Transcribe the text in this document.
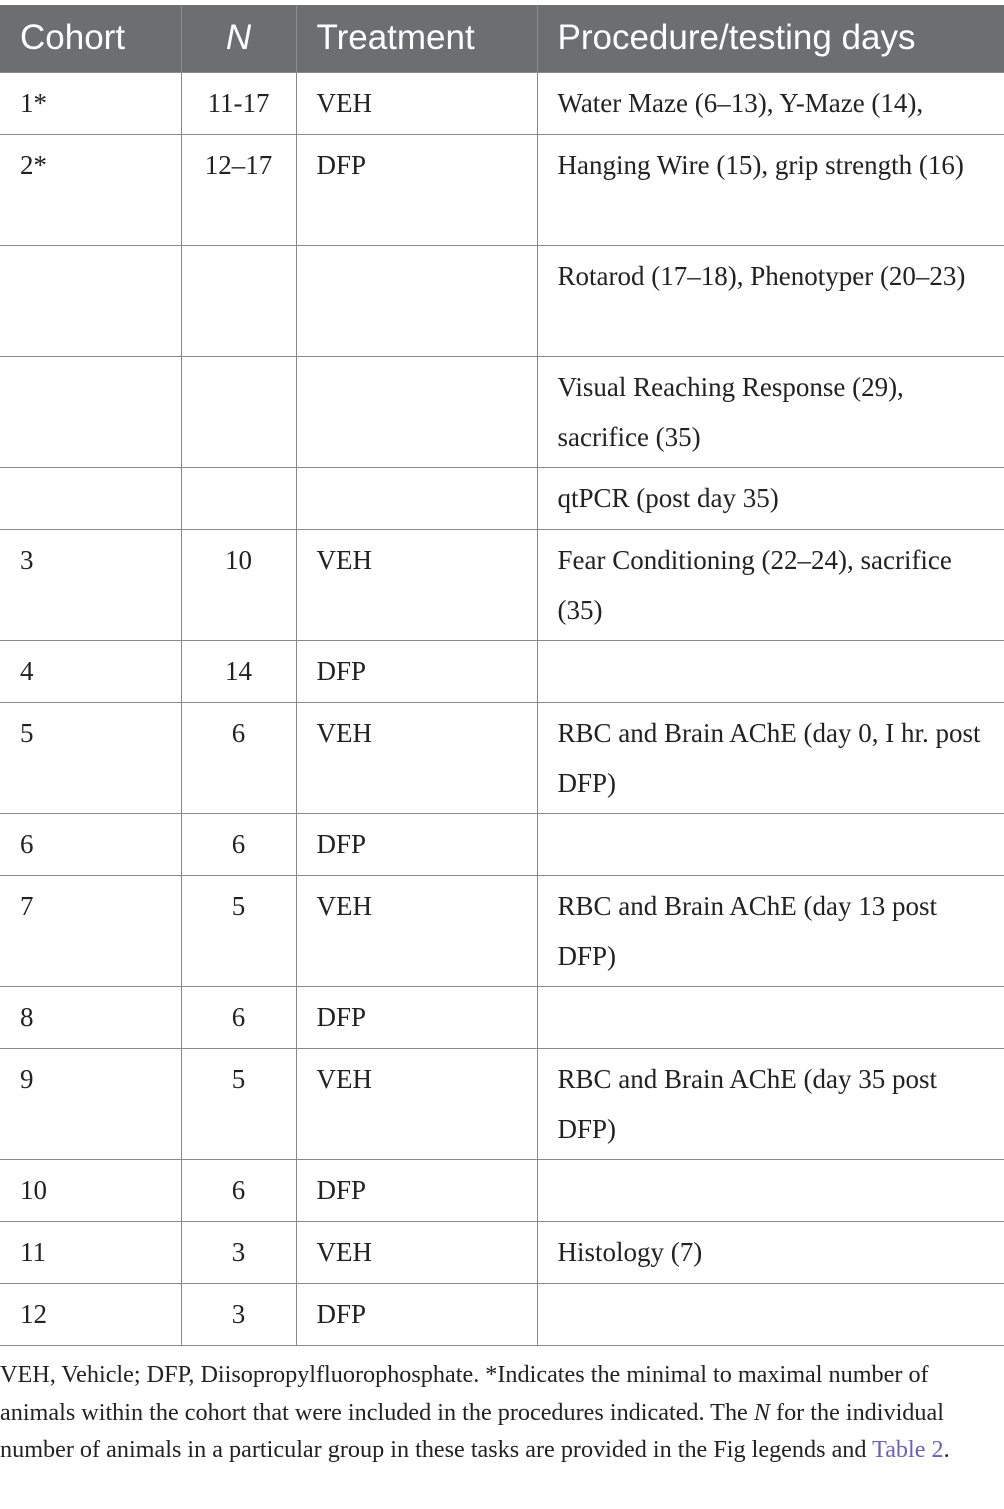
Cohort	N	Treatment	Procedure/testing days
1*	11-17	VEH	Water Maze (6–13), Y-Maze (14),
2*	12–17	DFP	Hanging Wire (15), grip strength (16)
			Rotarod (17–18), Phenotyper (20–23)
			Visual Reaching Response (29), sacrifice (35)
			qtPCR (post day 35)
3	10	VEH	Fear Conditioning (22–24), sacrifice (35)
4	14	DFP	
5	6	VEH	RBC and Brain AChE (day 0, I hr. post DFP)
6	6	DFP	
7	5	VEH	RBC and Brain AChE (day 13 post DFP)
8	6	DFP	
9	5	VEH	RBC and Brain AChE (day 35 post DFP)
10	6	DFP	
11	3	VEH	Histology (7)
12	3	DFP	
VEH, Vehicle; DFP, Diisopropylfluorophosphate. *Indicates the minimal to maximal number of animals within the cohort that were included in the procedures indicated. The N for the individual number of animals in a particular group in these tasks are provided in the Fig legends and Table 2.
